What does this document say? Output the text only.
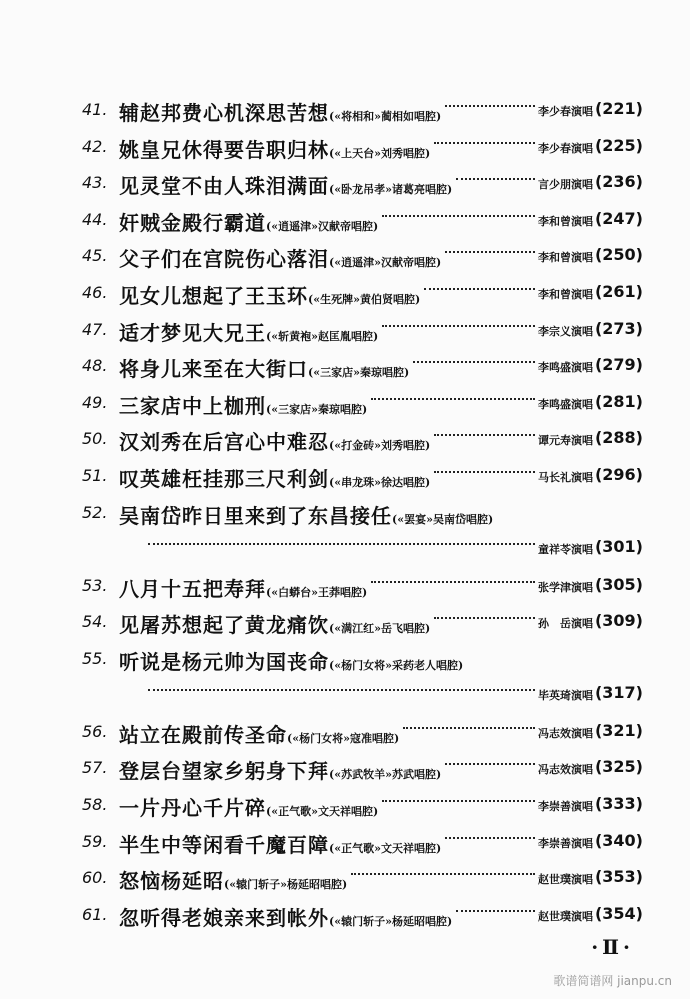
41. 辅赵邦费心机深思苦想(«将相和»蔺相如唱腔)	李少春演唱 (221)
42. 姚皇兄休得要告职归林(«上天台»刘秀唱腔)	李少春演唱 (225)
43. 见灵堂不由人珠泪满面(«卧龙吊孝»诸葛亮唱腔)	言少朋演唱 (236)
44. 奸贼金殿行霸道(«逍遥津»汉献帝唱腔)	李和曾演唱 (247)
45. 父子们在宫院伤心落泪(«逍遥津»汉献帝唱腔)	李和曾演唱 (250)
46. 见女儿想起了王玉环(«生死牌»黄伯贤唱腔)	李和曾演唱 (261)
47. 适才梦见大兄王(«斩黄袍»赵匡胤唱腔)	李宗义演唱 (273)
48. 将身儿来至在大街口(«三家店»秦琼唱腔)	李鸣盛演唱 (279)
49. 三家店中上枷刑(«三家店»秦琼唱腔)	李鸣盛演唱 (281)
50. 汉刘秀在后宫心中难忍(«打金砖»刘秀唱腔)	谭元寿演唱 (288)
51. 叹英雄枉挂那三尺利剑(«串龙珠»徐达唱腔)	马长礼演唱 (296)
52. 吴南岱昨日里来到了东昌接任(«罢宴»吴南岱唱腔)
童祥苓演唱 (301)
53. 八月十五把寿拜(«白蟒台»王莽唱腔)	张学津演唱 (305)
54. 见屠苏想起了黄龙痛饮(«满江红»岳飞唱腔)	孙　岳演唱 (309)
55. 听说是杨元帅为国丧命(«杨门女将»采药老人唱腔)
毕英琦演唱 (317)
56. 站立在殿前传圣命(«杨门女将»寇准唱腔)	冯志效演唱 (321)
57. 登层台望家乡躬身下拜(«苏武牧羊»苏武唱腔)	冯志效演唱 (325)
58. 一片丹心千片碎(«正气歌»文天祥唱腔)	李崇善演唱 (333)
59. 半生中等闲看千魔百障(«正气歌»文天祥唱腔)	李崇善演唱 (340)
60. 怒恼杨延昭(«辕门斩子»杨延昭唱腔)	赵世璞演唱 (353)
61. 忽听得老娘亲来到帐外(«辕门斩子»杨延昭唱腔)	赵世璞演唱 (354)
·Ⅱ·
歌谱简谱网 jianpu.cn
